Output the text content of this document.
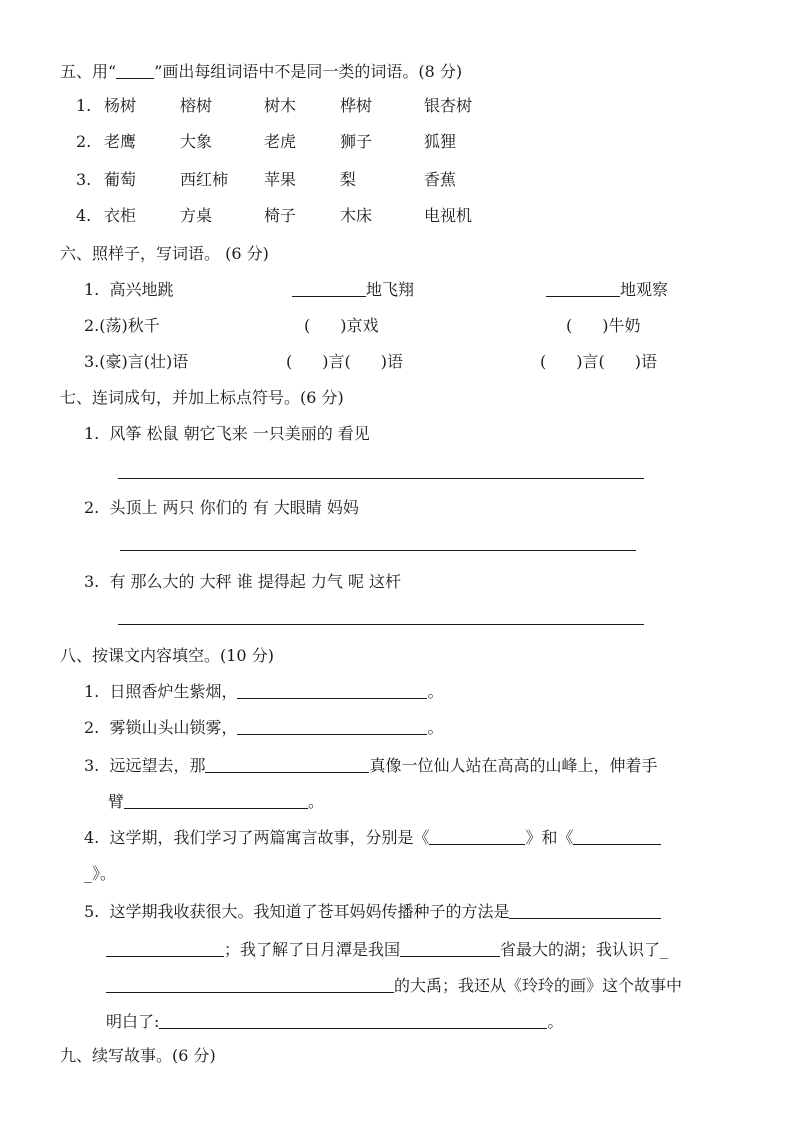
五、用“ ”画出每组词语中不是同一类的词语。(8 分)
1. 杨树	榕树	树木	桦树	银杏树
2. 老鹰	大象	老虎	狮子	狐狸
3. 葡萄	西红柿 苹果	梨	香蕉
4. 衣柜	方桌	椅子	木床	电视机
六、照样子，写词语。 (6 分)
1. 高兴地跳	地飞翔	地观察
2.(荡)秋千	( )京戏	( )牛奶
3.(豪)言(壮)语	( )言( )语	( )言( )语
七、连词成句，并加上标点符号。(6 分)
1. 风筝 松鼠 朝它飞来 一只美丽的 看见
2. 头顶上 两只 你们的 有 大眼睛 妈妈
3. 有 那么大的 大秤 谁 提得起 力气 呢 这杆
八、按课文内容填空。(10 分)
1. 日照香炉生紫烟，	。
2. 雾锁山头山锁雾，	。
3. 远远望去，那	真像一位仙人站在高高的山峰上，伸着手
臂	。
4. 这学期，我们学习了两篇寓言故事，分别是《	》和《
_》。
5. 这学期我收获很大。我知道了苍耳妈妈传播种子的方法是
；我了解了日月潭是我国	省最大的湖；我认识了_
的大禹；我还从《玲玲的画》这个故事中
明白了:	。
九、续写故事。(6 分)
